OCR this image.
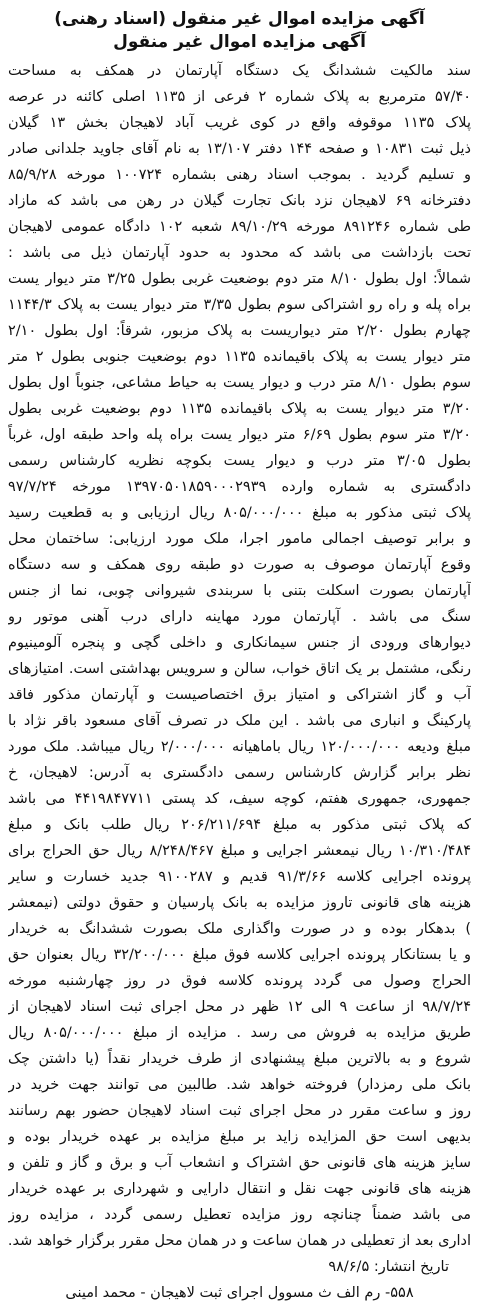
آگهی مزایده اموال غیر منقول (اسناد رهنی)

آگهی مزایده اموال غیر منقول

سند مالکیت ششدانگ یک دستگاه آپارتمان در همکف به مساحت
۵۷/۴۰ مترمربع به پلاک شماره ۲ فرعی از ۱۱۳۵ اصلی کائنه در عرصه
پلاک ۱۱۳۵ موقوفه واقع در کوی غریب آباد لاهیجان بخش ۱۳ گیلان
ذیل ثبت ۱۰۸۳۱ و صفحه ۱۴۴ دفتر ۱۳/۱۰۷ به نام آقای جاوید جلدانی صادر
و تسلیم گردید . بموجب اسناد رهنی بشماره ۱۰۰۷۲۴ مورخه ۸۵/۹/۲۸
دفترخانه ۶۹ لاهیجان نزد بانک تجارت گیلان در رهن می باشد که مازاد
طی شماره ۸۹۱۲۴۶ مورخه ۸۹/۱۰/۲۹ شعبه ۱۰۲ دادگاه عمومی لاهیجان
تحت بازداشت می باشد که محدود به حدود آپارتمان ذیل می باشد :
شمالاً: اول بطول ۸/۱۰ متر دوم بوضعیت غربی بطول ۳/۲۵ متر دیوار یست
براه پله و راه رو اشتراکی سوم بطول ۳/۳۵ متر دیوار یست به پلاک ۱۱۴۴/۳
چهارم بطول ۲/۲۰ متر دیواریست به پلاک مزبور، شرقاً: اول بطول ۲/۱۰
متر دیوار یست به پلاک باقیمانده ۱۱۳۵ دوم بوضعیت جنوبی بطول ۲ متر
سوم بطول ۸/۱۰ متر درب و دیوار یست به حیاط مشاعی، جنوباً اول بطول
۳/۲۰ متر دیوار یست به پلاک باقیمانده ۱۱۳۵ دوم بوضعیت غربی بطول
۳/۲۰ متر سوم بطول ۶/۶۹ متر دیوار یست براه پله واحد طبقه اول، غرباً
بطول ۳/۰۵ متر درب و دیوار یست بکوچه نظریه کارشناس رسمی
دادگستری به شماره وارده ۱۳۹۷۰۵۰۱۸۵۹۰۰۰۲۹۳۹ مورخه ۹۷/۷/۲۴
پلاک ثبتی مذکور به مبلغ ۸۰۵/۰۰۰/۰۰۰ ریال ارزیابی و به قطعیت رسید
و برابر توصیف اجمالی مامور اجرا، ملک مورد ارزیابی: ساختمان محل
وقوع آپارتمان موصوف به صورت دو طبقه روی همکف و سه دستگاه
آپارتمان بصورت اسکلت بتنی با سربندی شیروانی چوبی، نما از جنس
سنگ می باشد . آپارتمان مورد مهاینه دارای درب آهنی موتور رو
دیوارهای ورودی از جنس سیمانکاری و داخلی گچی و پنجره آلومینیوم
رنگی، مشتمل بر یک اتاق خواب، سالن و سرویس بهداشتی است. امتیازهای
آب و گاز اشتراکی و امتیاز برق اختصاصیست و آپارتمان مذکور فاقد
پارکینگ و انباری می باشد . این ملک در تصرف آقای مسعود باقر نژاد با
مبلغ ودیعه ۱۲۰/۰۰۰/۰۰۰ ریال باماهیانه ۲/۰۰۰/۰۰۰ ریال میباشد. ملک مورد
نظر برابر گزارش کارشناس رسمی دادگستری به آدرس: لاهیجان، خ
جمهوری، جمهوری هفتم، کوچه سیف، کد پستی ۴۴۱۹۸۴۷۷۱۱ می باشد
که پلاک ثبتی مذکور به مبلغ ۲۰۶/۲۱۱/۶۹۴ ریال طلب بانک و مبلغ
۱۰/۳۱۰/۴۸۴ ریال نیمعشر اجرایی و مبلغ ۸/۲۴۸/۴۶۷ ریال حق الحراج برای
پرونده اجرایی کلاسه ۹۱/۳/۶۶ قدیم و ۹۱۰۰۲۸۷ جدید خسارت و سایر
هزینه های قانونی تاروز مزایده به بانک پارسیان و حقوق دولتی (نیمعشر
) بدهکار بوده و در صورت واگذاری ملک بصورت ششدانگ به خریدار
و یا بستانکار پرونده اجرایی کلاسه فوق مبلغ ۳۲/۲۰۰/۰۰۰ ریال بعنوان حق
الحراج وصول می گردد پرونده کلاسه فوق در روز چهارشنبه مورخه
۹۸/۷/۲۴ از ساعت ۹ الی ۱۲ ظهر در محل اجرای ثبت اسناد لاهیجان از
طریق مزایده به فروش می رسد . مزایده از مبلغ ۸۰۵/۰۰۰/۰۰۰ ریال
شروع و به بالاترین مبلغ پیشنهادی از طرف خریدار نقداً (یا داشتن چک
بانک ملی رمزدار) فروخته خواهد شد. طالبین می توانند جهت خرید در
روز و ساعت مقرر در محل اجرای ثبت اسناد لاهیجان حضور بهم رسانند
بدیهی است حق المزایده زاید بر مبلغ مزایده بر عهده خریدار بوده و
سایز هزینه های قانونی حق اشتراک و انشعاب آب و برق و گاز و تلفن و
هزینه های قانونی جهت نقل و انتقال دارایی و شهرداری بر عهده خریدار
می باشد ضمناً چنانچه روز مزایده تعطیل رسمی گردد ، مزایده روز
اداری بعد از تعطیلی در همان ساعت و در همان محل مقرر برگزار خواهد شد.
تاریخ انتشار: ۹۸/۶/۵
۵۵۸- رم الف ث مسوول اجرای ثبت لاهیجان - محمد امینی
